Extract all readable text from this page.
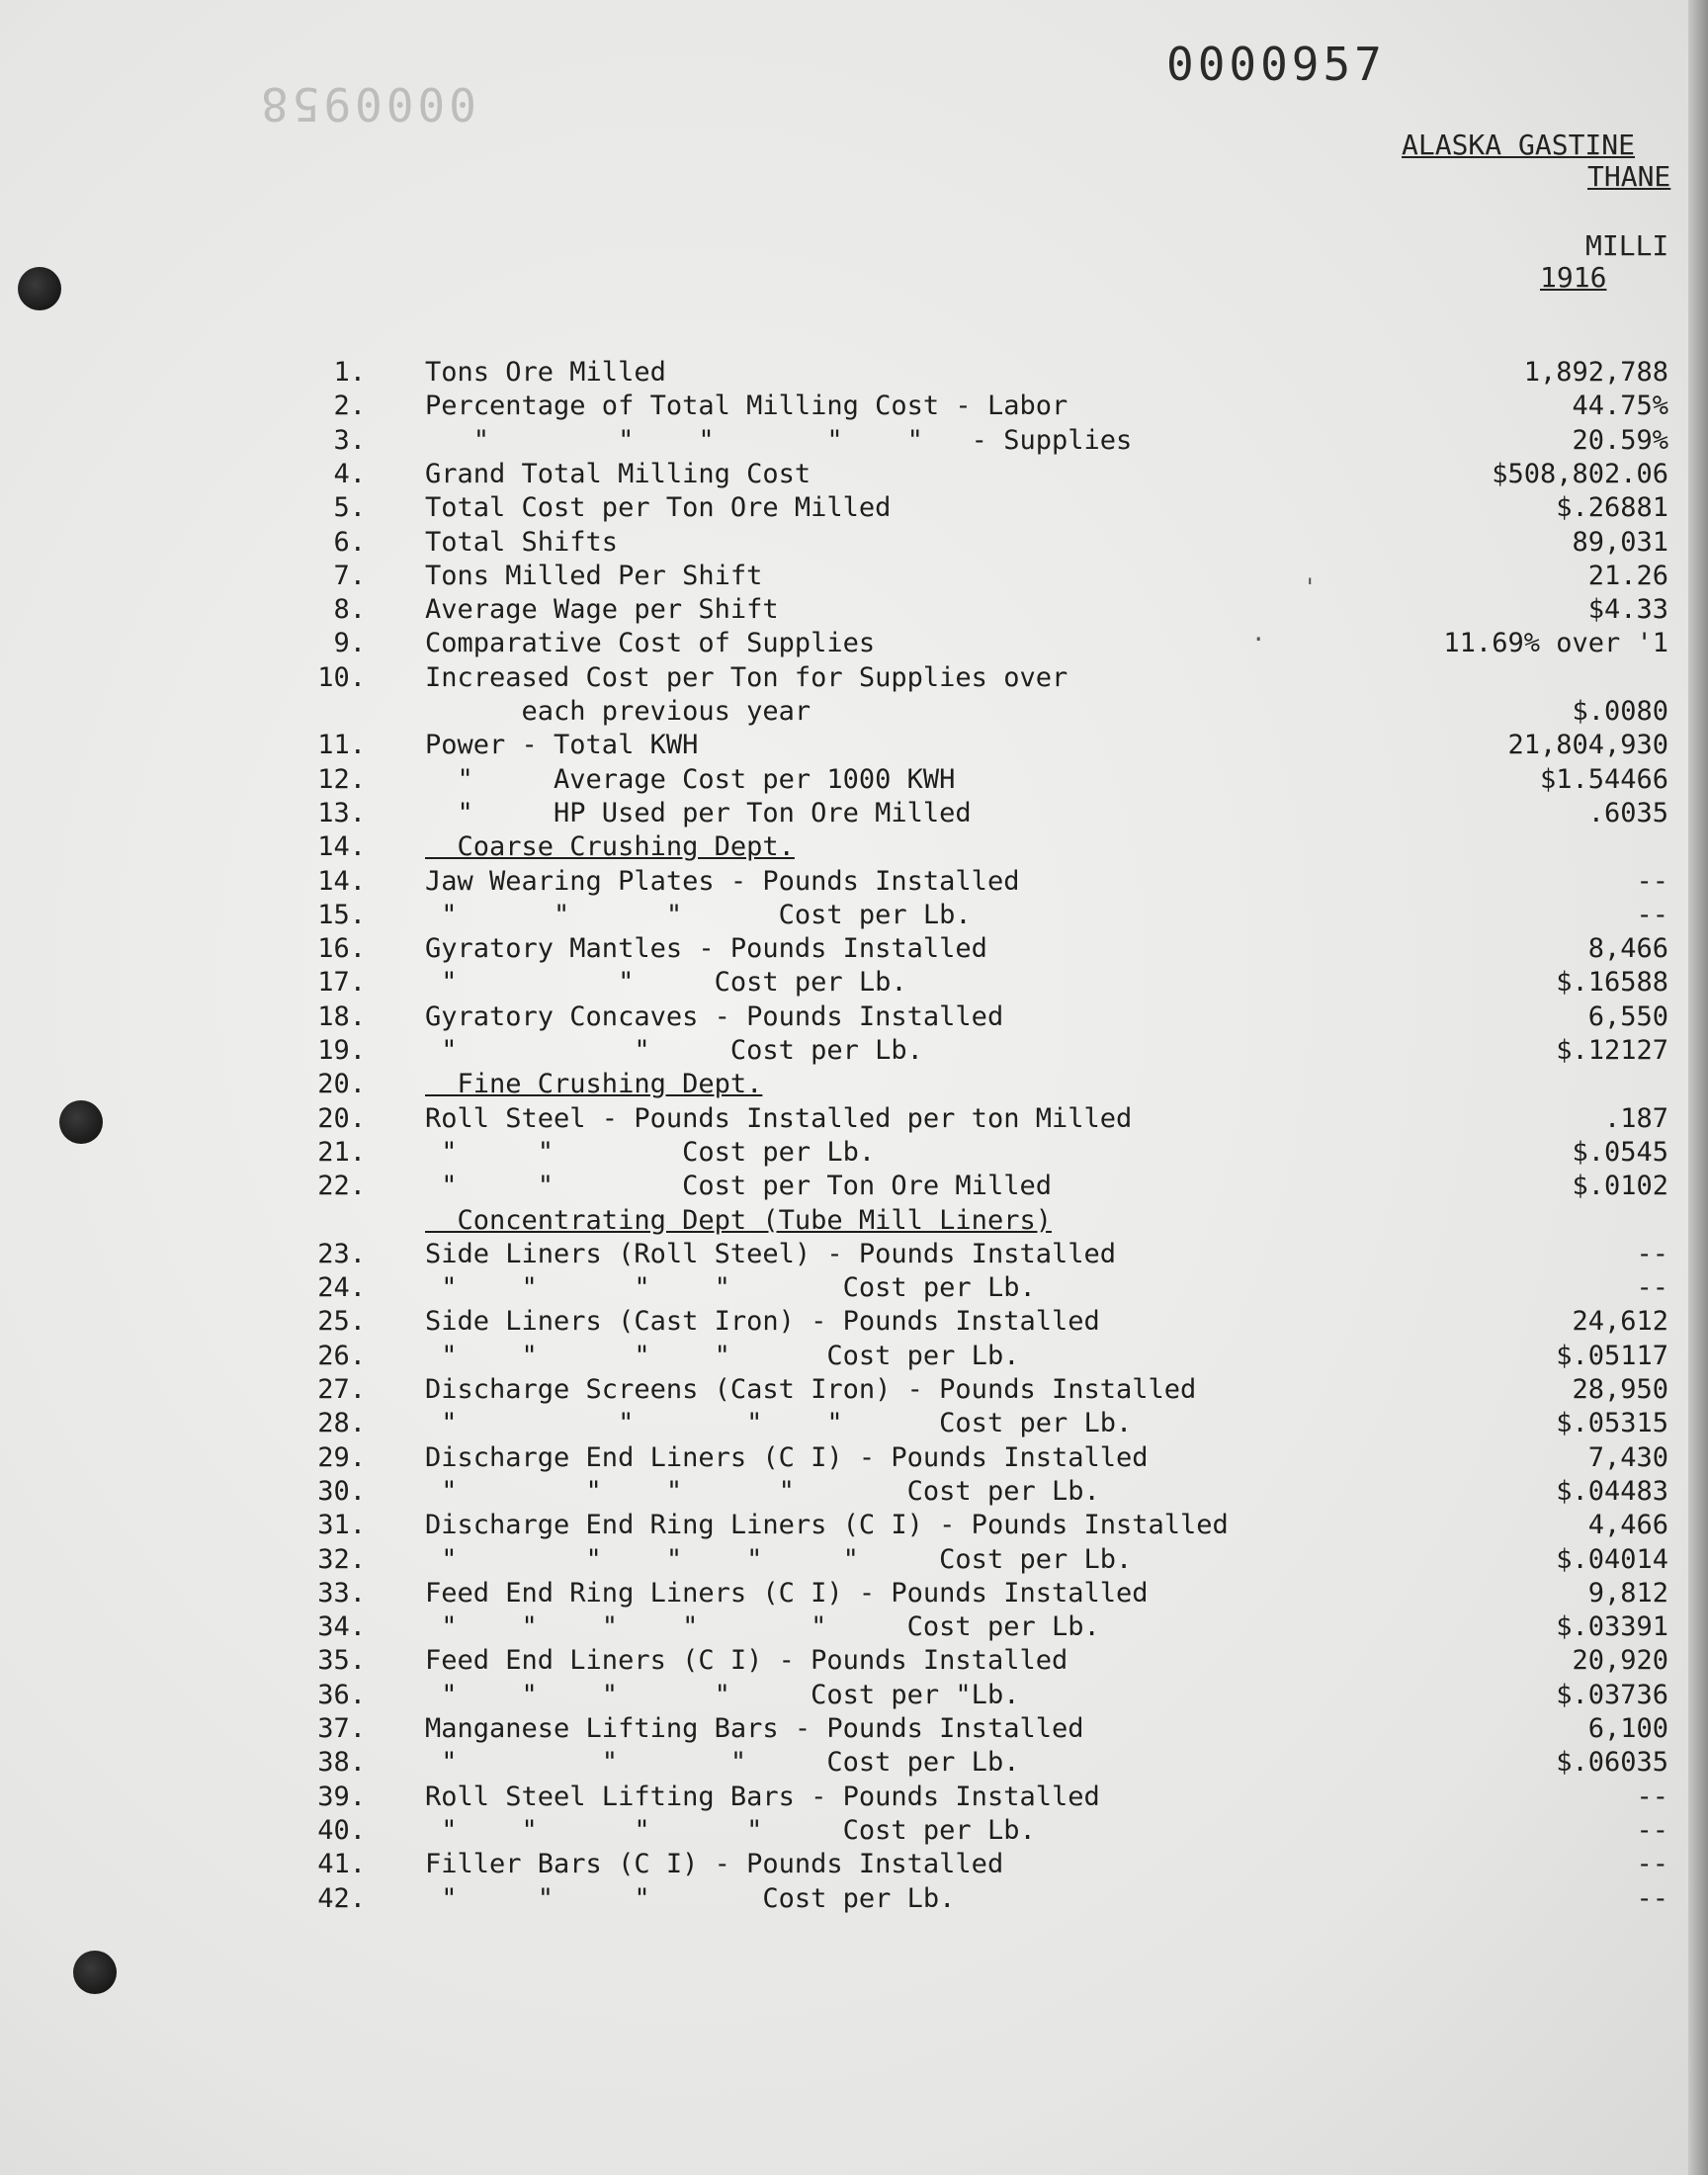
0000958
0000957
ALASKA GASTINE
THANE
MILLI
1916
1. Tons Ore Milled	1,892,788
2. Percentage of Total Milling Cost - Labor	44.75%
3. "        "    "       "    "   - Supplies	20.59%
4. Grand Total Milling Cost	$508,802.06
5. Total Cost per Ton Ore Milled	$.26881
6. Total Shifts	89,031
7. Tons Milled Per Shift	21.26
8. Average Wage per Shift	$4.33
9. Comparative Cost of Supplies	11.69% over '1
10. Increased Cost per Ton for Supplies over
each previous year	$.0080
11. Power - Total KWH	21,804,930
12. "     Average Cost per 1000 KWH	$1.54466
13. "     HP Used per Ton Ore Milled	.6035
14. Coarse Crushing Dept.
14. Jaw Wearing Plates - Pounds Installed	--
15. "      "      "      Cost per Lb.	--
16. Gyratory Mantles - Pounds Installed	8,466
17. "          "     Cost per Lb.	$.16588
18. Gyratory Concaves - Pounds Installed	6,550
19. "           "     Cost per Lb.	$.12127
20. Fine Crushing Dept.
20. Roll Steel - Pounds Installed per ton Milled	.187
21. "     "        Cost per Lb.	$.0545
22. "     "        Cost per Ton Ore Milled	$.0102
Concentrating Dept (Tube Mill Liners)
23. Side Liners (Roll Steel) - Pounds Installed	--
24. "    "      "    "       Cost per Lb.	--
25. Side Liners (Cast Iron) - Pounds Installed	24,612
26. "    "      "    "      Cost per Lb.	$.05117
27. Discharge Screens (Cast Iron) - Pounds Installed	28,950
28. "          "       "    "      Cost per Lb.	$.05315
29. Discharge End Liners (C I) - Pounds Installed	7,430
30. "        "    "      "       Cost per Lb.	$.04483
31. Discharge End Ring Liners (C I) - Pounds Installed	4,466
32. "        "    "    "     "     Cost per Lb.	$.04014
33. Feed End Ring Liners (C I) - Pounds Installed	9,812
34. "    "    "    "       "     Cost per Lb.	$.03391
35. Feed End Liners (C I) - Pounds Installed	20,920
36. "    "    "      "     Cost per "Lb.	$.03736
37. Manganese Lifting Bars - Pounds Installed	6,100
38. "         "       "     Cost per Lb.	$.06035
39. Roll Steel Lifting Bars - Pounds Installed	--
40. "    "      "      "     Cost per Lb.	--
41. Filler Bars (C I) - Pounds Installed	--
42. "     "     "       Cost per Lb.	--
.
'
